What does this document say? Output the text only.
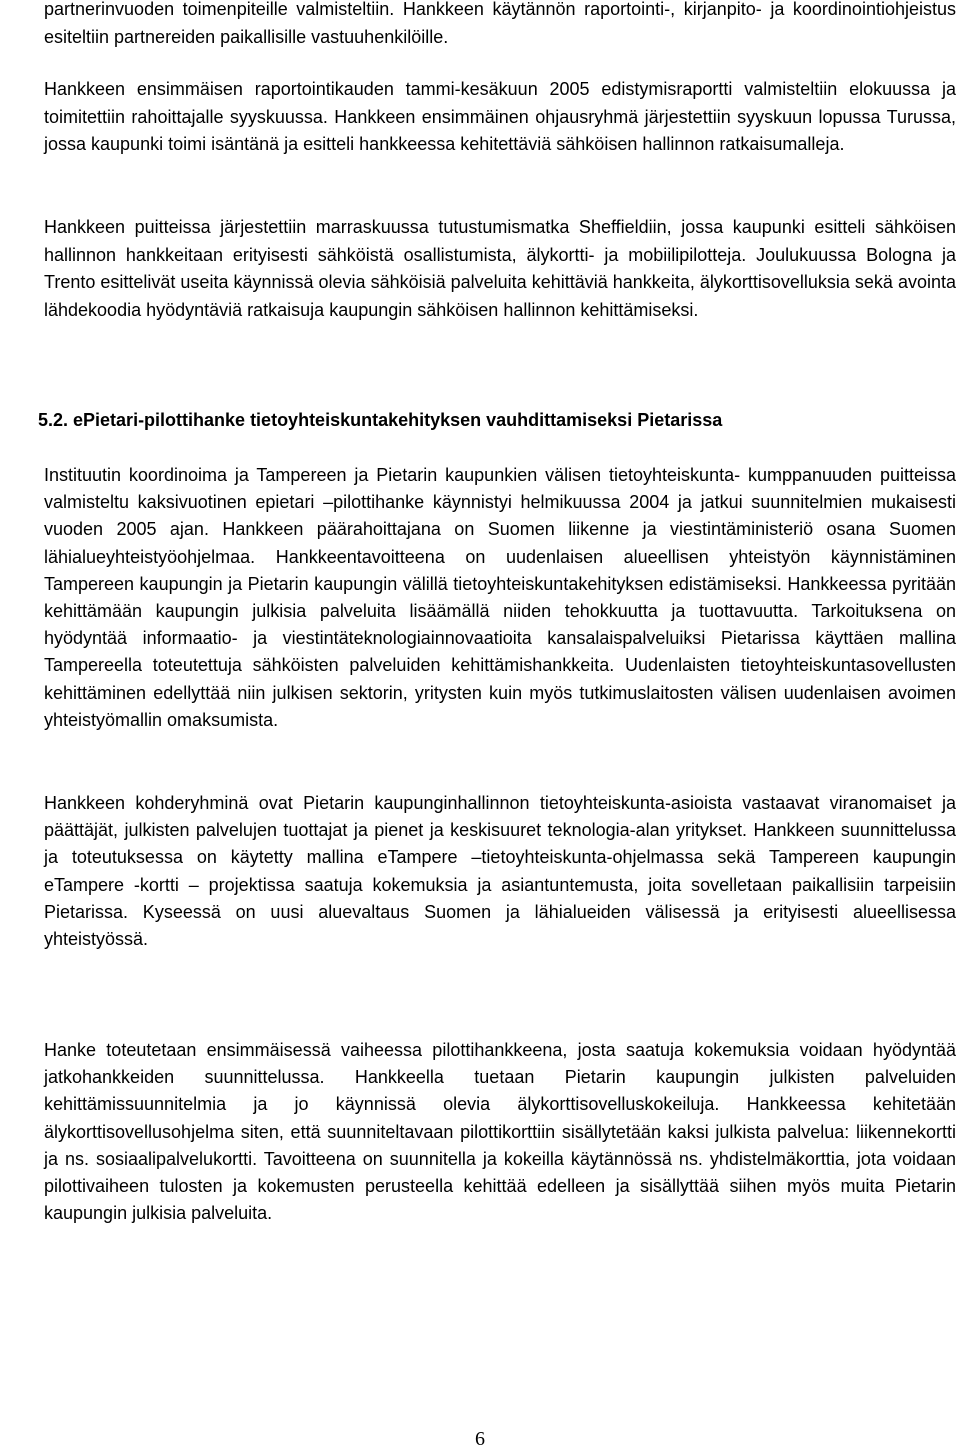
partnerinvuoden toimenpiteille valmisteltiin. Hankkeen käytännön raportointi-, kirjanpito- ja koordinointiohjeistus esiteltiin partnereiden paikallisille vastuuhenkilöille.

Hankkeen ensimmäisen raportointikauden tammi-kesäkuun 2005 edistymisraportti valmisteltiin elokuussa ja toimitettiin rahoittajalle syyskuussa. Hankkeen ensimmäinen ohjausryhmä järjestettiin syyskuun lopussa Turussa, jossa kaupunki toimi isäntänä ja esitteli hankkeessa kehitettäviä sähköisen hallinnon ratkaisumalleja.

Hankkeen puitteissa järjestettiin marraskuussa tutustumismatka Sheffieldiin, jossa kaupunki esitteli sähköisen hallinnon hankkeitaan erityisesti sähköistä osallistumista, älykortti- ja mobiilipilotteja. Joulukuussa Bologna ja Trento esittelivät useita käynnissä olevia sähköisiä palveluita kehittäviä hankkeita, älykorttisovelluksia sekä avointa lähdekoodia hyödyntäviä ratkaisuja kaupungin sähköisen hallinnon kehittämiseksi.

5.2. ePietari-pilottihanke tietoyhteiskuntakehityksen vauhdittamiseksi Pietarissa

Instituutin koordinoima ja Tampereen ja Pietarin kaupunkien välisen tietoyhteiskunta- kumppanuuden puitteissa valmisteltu kaksivuotinen epietari –pilottihanke käynnistyi helmikuussa 2004 ja jatkui suunnitelmien mukaisesti vuoden 2005 ajan. Hankkeen päärahoittajana on Suomen liikenne ja viestintäministeriö osana Suomen lähialueyhteistyöohjelmaa. Hankkeentavoitteena on uudenlaisen alueellisen yhteistyön käynnistäminen Tampereen kaupungin ja Pietarin kaupungin välillä tietoyhteiskuntakehityksen edistämiseksi. Hankkeessa pyritään kehittämään kaupungin julkisia palveluita lisäämällä niiden tehokkuutta ja tuottavuutta. Tarkoituksena on hyödyntää informaatio- ja viestintäteknologiainnovaatioita kansalaispalveluiksi Pietarissa käyttäen mallina Tampereella toteutettuja sähköisten palveluiden kehittämishankkeita. Uudenlaisten tietoyhteiskuntasovellusten kehittäminen edellyttää niin julkisen sektorin, yritysten kuin myös tutkimuslaitosten välisen uudenlaisen avoimen yhteistyömallin omaksumista.

Hankkeen kohderyhminä ovat Pietarin kaupunginhallinnon tietoyhteiskunta-asioista vastaavat viranomaiset ja päättäjät, julkisten palvelujen tuottajat ja pienet ja keskisuuret teknologia-alan yritykset. Hankkeen suunnittelussa ja toteutuksessa on käytetty mallina eTampere –tietoyhteiskunta-ohjelmassa sekä Tampereen kaupungin eTampere -kortti – projektissa saatuja kokemuksia ja asiantuntemusta, joita sovelletaan paikallisiin tarpeisiin Pietarissa. Kyseessä on uusi aluevaltaus Suomen ja lähialueiden välisessä ja erityisesti alueellisessa yhteistyössä.

Hanke toteutetaan ensimmäisessä vaiheessa pilottihankkeena, josta saatuja kokemuksia voidaan hyödyntää jatkohankkeiden suunnittelussa. Hankkeella tuetaan Pietarin kaupungin julkisten palveluiden kehittämissuunnitelmia ja jo käynnissä olevia älykorttisovelluskokeiluja. Hankkeessa kehitetään älykorttisovellusohjelma siten, että suunniteltavaan pilottikorttiin sisällytetään kaksi julkista palvelua: liikennekortti ja ns. sosiaalipalvelukortti. Tavoitteena on suunnitella ja kokeilla käytännössä ns. yhdistelmäkorttia, jota voidaan pilottivaiheen tulosten ja kokemusten perusteella kehittää edelleen ja sisällyttää siihen myös muita Pietarin kaupungin julkisia palveluita.

6
